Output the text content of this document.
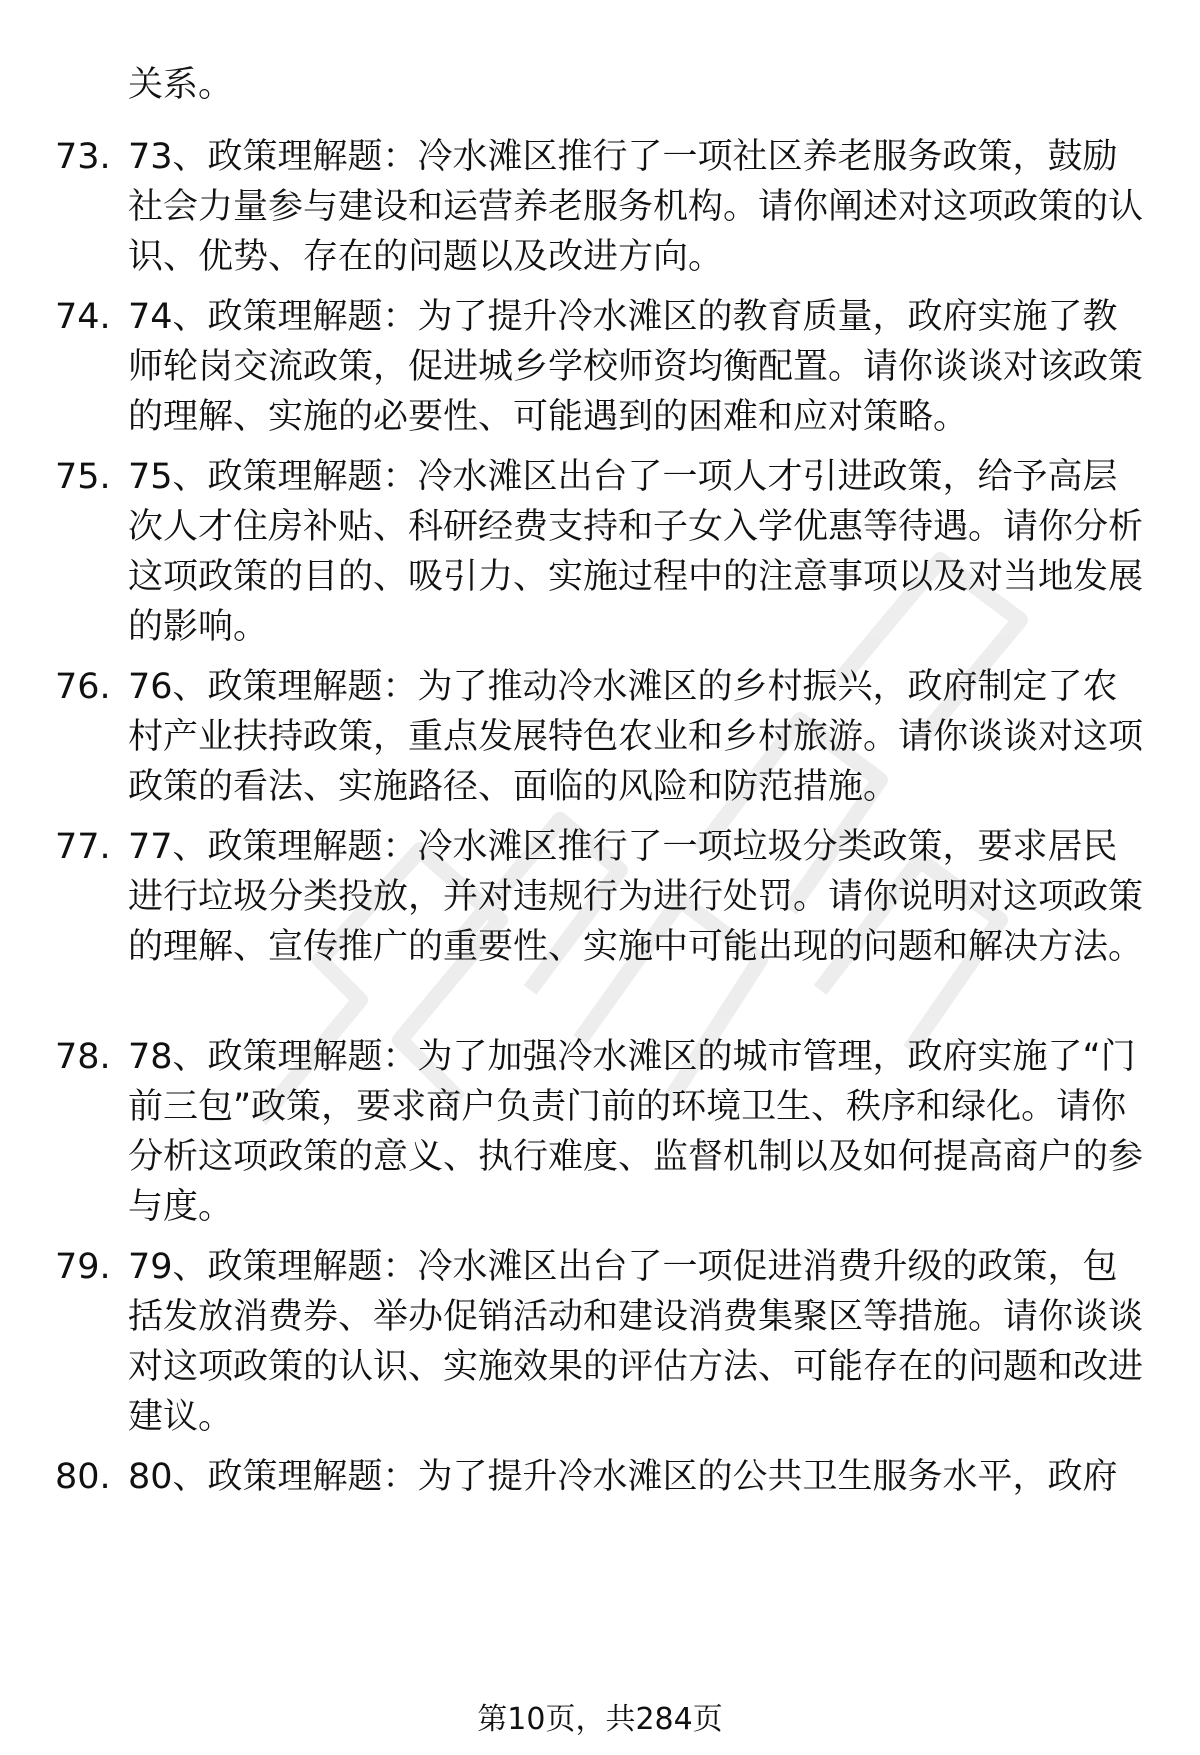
关系。

73. 73、政策理解题：冷水滩区推行了一项社区养老服务政策，鼓励社会力量参与建设和运营养老服务机构。请你阐述对这项政策的认识、优势、存在的问题以及改进方向。

74. 74、政策理解题：为了提升冷水滩区的教育质量，政府实施了教师轮岗交流政策，促进城乡学校师资均衡配置。请你谈谈对该政策的理解、实施的必要性、可能遇到的困难和应对策略。

75. 75、政策理解题：冷水滩区出台了一项人才引进政策，给予高层次人才住房补贴、科研经费支持和子女入学优惠等待遇。请你分析这项政策的目的、吸引力、实施过程中的注意事项以及对当地发展的影响。

76. 76、政策理解题：为了推动冷水滩区的乡村振兴，政府制定了农村产业扶持政策，重点发展特色农业和乡村旅游。请你谈谈对这项政策的看法、实施路径、面临的风险和防范措施。

77. 77、政策理解题：冷水滩区推行了一项垃圾分类政策，要求居民进行垃圾分类投放，并对违规行为进行处罚。请你说明对这项政策的理解、宣传推广的重要性、实施中可能出现的问题和解决方法。

78. 78、政策理解题：为了加强冷水滩区的城市管理，政府实施了“门前三包”政策，要求商户负责门前的环境卫生、秩序和绿化。请你分析这项政策的意义、执行难度、监督机制以及如何提高商户的参与度。

79. 79、政策理解题：冷水滩区出台了一项促进消费升级的政策，包括发放消费券、举办促销活动和建设消费集聚区等措施。请你谈谈对这项政策的认识、实施效果的评估方法、可能存在的问题和改进建议。

80. 80、政策理解题：为了提升冷水滩区的公共卫生服务水平，政府

第10页，共284页
